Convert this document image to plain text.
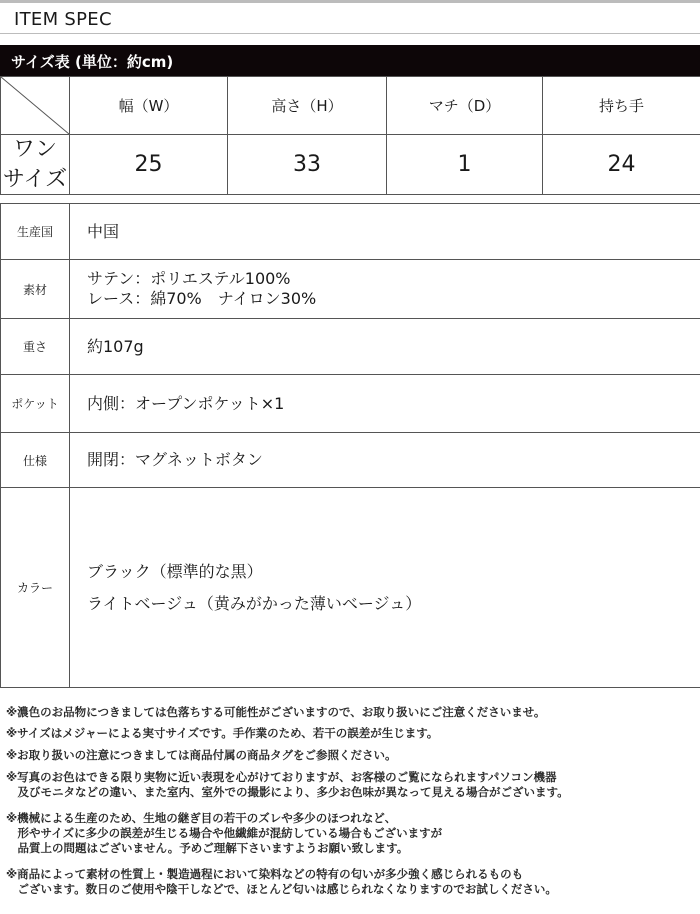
ITEM SPEC
サイズ表 (単位：約cm)
	幅（W）	高さ（H）	マチ（D）	持ち手
ワン
サイズ	25	33	1	24
生産国	中国
素材	サテン：ポリエステル100%
レース：綿70%　ナイロン30%
重さ	約107g
ポケット	内側：オープンポケット×1
仕様	開閉：マグネットボタン
カラー	ブラック（標準的な黒）
ライトベージュ（黄みがかった薄いベージュ）
※濃色のお品物につきましては色落ちする可能性がございますので、お取り扱いにご注意くださいませ。
※サイズはメジャーによる実寸サイズです。手作業のため、若干の誤差が生じます。
※お取り扱いの注意につきましては商品付属の商品タグをご参照ください。
※写真のお色はできる限り実物に近い表現を心がけておりますが、お客様のご覧になられますパソコン機器
　及びモニタなどの違い、また室内、室外での撮影により、多少お色味が異なって見える場合がございます。
※機械による生産のため、生地の継ぎ目の若干のズレや多少のほつれなど、
　形やサイズに多少の誤差が生じる場合や他繊維が混紡している場合もございますが
　品質上の問題はございません。予めご理解下さいますようお願い致します。
※商品によって素材の性質上・製造過程において染料などの特有の匂いが多少強く感じられるものも
　ございます。数日のご使用や陰干しなどで、ほとんど匂いは感じられなくなりますのでお試しください。
